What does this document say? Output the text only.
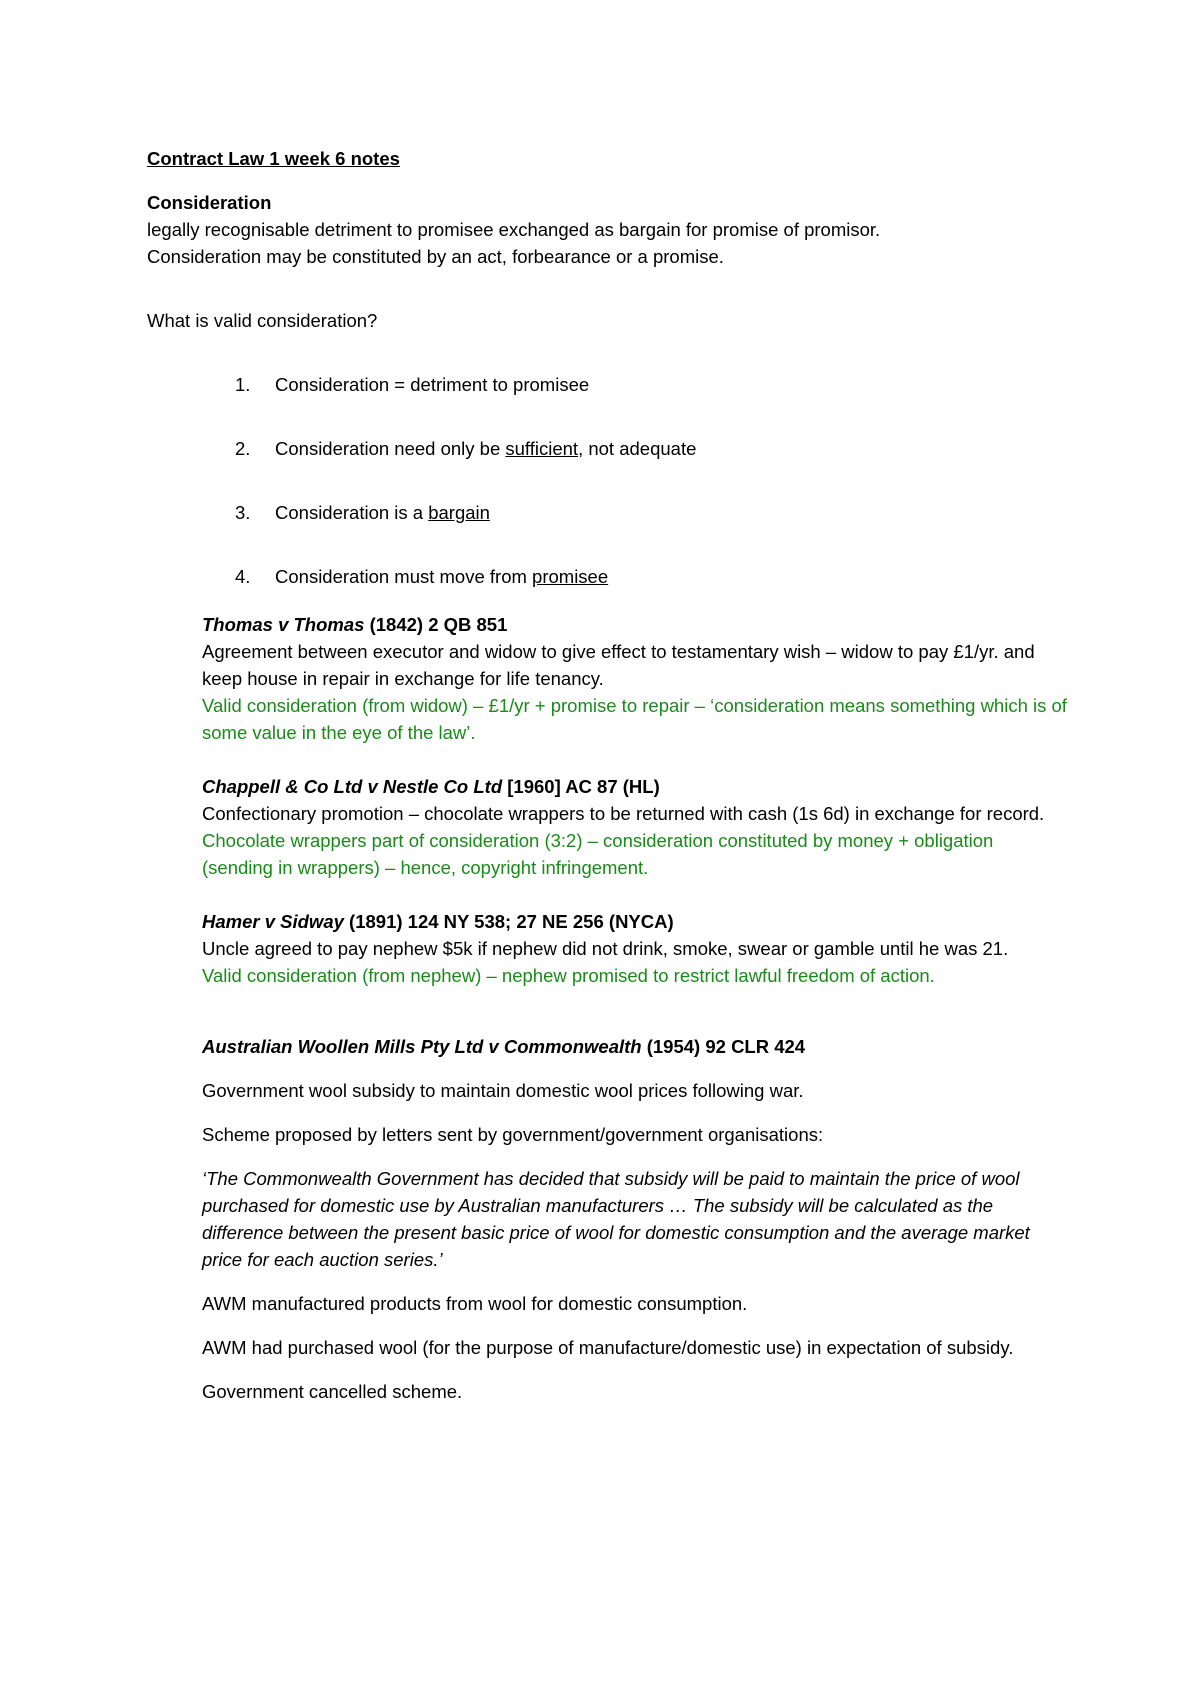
Contract Law 1 week 6 notes

Consideration

legally recognisable detriment to promisee exchanged as bargain for promise of promisor.

Consideration may be constituted by an act, forbearance or a promise.

What is valid consideration?

1. Consideration = detriment to promisee
2. Consideration need only be sufficient, not adequate
3. Consideration is a bargain
4. Consideration must move from promisee

Thomas v Thomas (1842) 2 QB 851

Agreement between executor and widow to give effect to testamentary wish – widow to pay £1/yr. and keep house in repair in exchange for life tenancy.

Valid consideration (from widow) – £1/yr + promise to repair – ‘consideration means something which is of some value in the eye of the law’.

Chappell & Co Ltd v Nestle Co Ltd [1960] AC 87 (HL)

Confectionary promotion – chocolate wrappers to be returned with cash (1s 6d) in exchange for record.

Chocolate wrappers part of consideration (3:2) – consideration constituted by money + obligation (sending in wrappers) – hence, copyright infringement.

Hamer v Sidway (1891) 124 NY 538; 27 NE 256 (NYCA)

Uncle agreed to pay nephew $5k if nephew did not drink, smoke, swear or gamble until he was 21.

Valid consideration (from nephew) – nephew promised to restrict lawful freedom of action.

Australian Woollen Mills Pty Ltd v Commonwealth (1954) 92 CLR 424

Government wool subsidy to maintain domestic wool prices following war.

Scheme proposed by letters sent by government/government organisations:

‘The Commonwealth Government has decided that subsidy will be paid to maintain the price of wool purchased for domestic use by Australian manufacturers … The subsidy will be calculated as the difference between the present basic price of wool for domestic consumption and the average market price for each auction series.’

AWM manufactured products from wool for domestic consumption.

AWM had purchased wool (for the purpose of manufacture/domestic use) in expectation of subsidy.

Government cancelled scheme.
